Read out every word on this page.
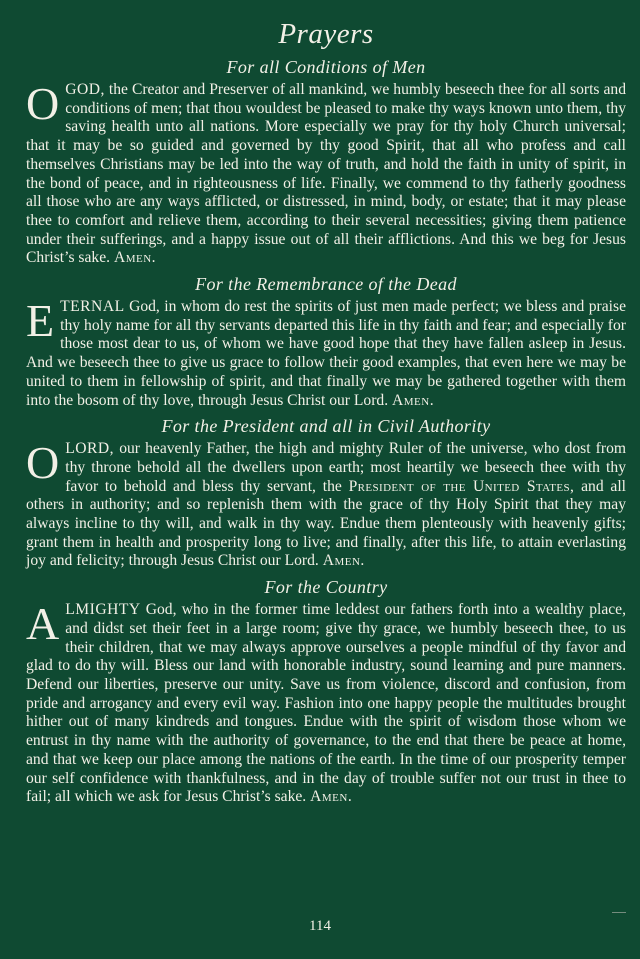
Prayers
For all Conditions of Men

OGOD, the Creator and Preserver of all mankind, we humbly beseech thee for all sorts and conditions of men; that thou wouldest be pleased to make thy ways known unto them, thy saving health unto all nations. More especially we pray for thy holy Church universal; that it may be so guided and governed by thy good Spirit, that all who profess and call themselves Christians may be led into the way of truth, and hold the faith in unity of spirit, in the bond of peace, and in righteousness of life. Finally, we commend to thy fatherly goodness all those who are any ways afflicted, or distressed, in mind, body, or estate; that it may please thee to comfort and relieve them, according to their several necessities; giving them patience under their sufferings, and a happy issue out of all their afflictions. And this we beg for Jesus Christ’s sake. Amen.

For the Remembrance of the Dead

ETERNAL God, in whom do rest the spirits of just men made perfect; we bless and praise thy holy name for all thy servants departed this life in thy faith and fear; and especially for those most dear to us, of whom we have good hope that they have fallen asleep in Jesus. And we beseech thee to give us grace to follow their good examples, that even here we may be united to them in fellowship of spirit, and that finally we may be gathered together with them into the bosom of thy love, through Jesus Christ our Lord. Amen.

For the President and all in Civil Authority

OLORD, our heavenly Father, the high and mighty Ruler of the universe, who dost from thy throne behold all the dwellers upon earth; most heartily we beseech thee with thy favor to behold and bless thy servant, the President of the United States, and all others in authority; and so replenish them with the grace of thy Holy Spirit that they may always incline to thy will, and walk in thy way. Endue them plenteously with heavenly gifts; grant them in health and prosperity long to live; and finally, after this life, to attain everlasting joy and felicity; through Jesus Christ our Lord. Amen.

For the Country

ALMIGHTY God, who in the former time leddest our fathers forth into a wealthy place, and didst set their feet in a large room; give thy grace, we humbly beseech thee, to us their children, that we may always approve ourselves a people mindful of thy favor and glad to do thy will. Bless our land with honorable industry, sound learning and pure manners. Defend our liberties, preserve our unity. Save us from violence, discord and confusion, from pride and arrogancy and every evil way. Fashion into one happy people the multitudes brought hither out of many kindreds and tongues. Endue with the spirit of wisdom those whom we entrust in thy name with the authority of governance, to the end that there be peace at home, and that we keep our place among the nations of the earth. In the time of our prosperity temper our self confidence with thankfulness, and in the day of trouble suffer not our trust in thee to fail; all which we ask for Jesus Christ’s sake. Amen.

114
